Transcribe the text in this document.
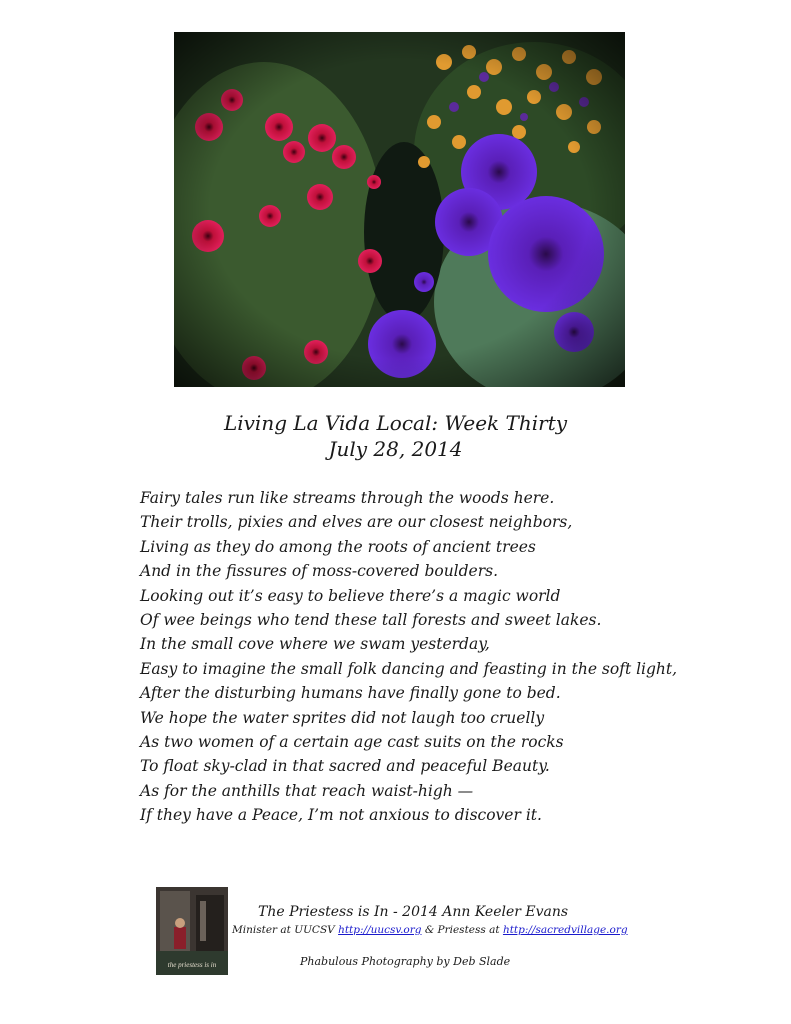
Living La Vida Local: Week Thirty
July 28, 2014
Fairy tales run like streams through the woods here.
Their trolls, pixies and elves are our closest neighbors,
Living as they do among the roots of ancient trees
And in the fissures of moss-covered boulders.
Looking out it’s easy to believe there’s a magic world
Of wee beings who tend these tall forests and sweet lakes.
In the small cove where we swam yesterday,
Easy to imagine the small folk dancing and feasting in the soft light,
After the disturbing humans have finally gone to bed.
We hope the water sprites did not laugh too cruelly
As two women of a certain age cast suits on the rocks
To float sky-clad in that sacred and peaceful Beauty.
As for the anthills that reach waist-high —
If they have a Peace, I’m not anxious to discover it.
the priestess is in
The Priestess is In - 2014 Ann Keeler Evans
Minister at UUCSV http://uucsv.org & Priestess at http://sacredvillage.org
Phabulous Photography by Deb Slade
